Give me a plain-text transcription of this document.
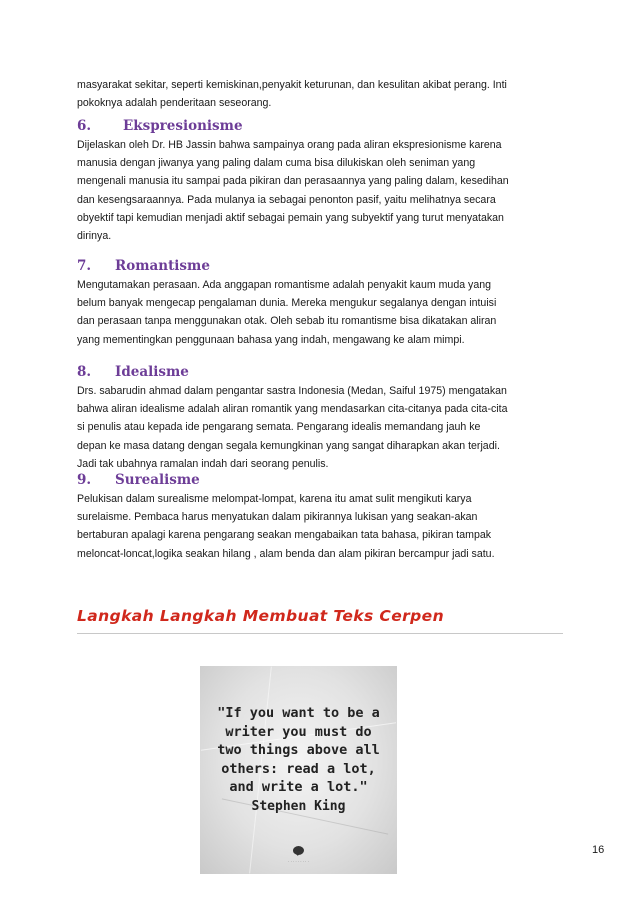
masyarakat sekitar, seperti kemiskinan,penyakit keturunan, dan kesulitan akibat perang. Inti
pokoknya adalah penderitaan seseorang.

6. Ekspresionisme

Dijelaskan oleh Dr. HB Jassin bahwa sampainya orang pada aliran ekspresionisme karena
manusia dengan jiwanya yang paling dalam cuma bisa dilukiskan oleh seniman yang
mengenali manusia itu sampai pada pikiran dan perasaannya yang paling dalam, kesedihan
dan kesengsaraannya. Pada mulanya ia sebagai penonton pasif, yaitu melihatnya secara
obyektif tapi kemudian menjadi aktif sebagai pemain yang subyektif yang turut menyatakan
dirinya.

7. Romantisme

Mengutamakan perasaan. Ada anggapan romantisme adalah penyakit kaum muda yang
belum banyak mengecap pengalaman dunia. Mereka mengukur segalanya dengan intuisi
dan perasaan tanpa menggunakan otak. Oleh sebab itu romantisme bisa dikatakan aliran
yang mementingkan penggunaan bahasa yang indah, mengawang ke alam mimpi.

8. Idealisme

Drs. sabarudin ahmad dalam pengantar sastra Indonesia (Medan, Saiful 1975) mengatakan
bahwa aliran idealisme adalah aliran romantik yang mendasarkan cita-citanya pada cita-cita
si penulis atau kepada ide pengarang semata. Pengarang idealis memandang jauh ke
depan ke masa datang dengan segala kemungkinan yang sangat diharapkan akan terjadi.
Jadi tak ubahnya ramalan indah dari seorang penulis.

9. Surealisme

Pelukisan dalam surealisme melompat-lompat, karena itu amat sulit mengikuti karya
surelaisme. Pembaca harus menyatukan dalam pikirannya lukisan yang seakan-akan
bertaburan apalagi karena pengarang seakan mengabaikan tata bahasa, pikiran tampak
meloncat-loncat,logika seakan hilang , alam benda dan alam pikiran bercampur jadi satu.

Langkah Langkah Membuat Teks Cerpen

"If you want to be a
writer you must do
two things above all
others: read a lot,
and write a lot."

Stephen King

· · · · · · · · ·

16
